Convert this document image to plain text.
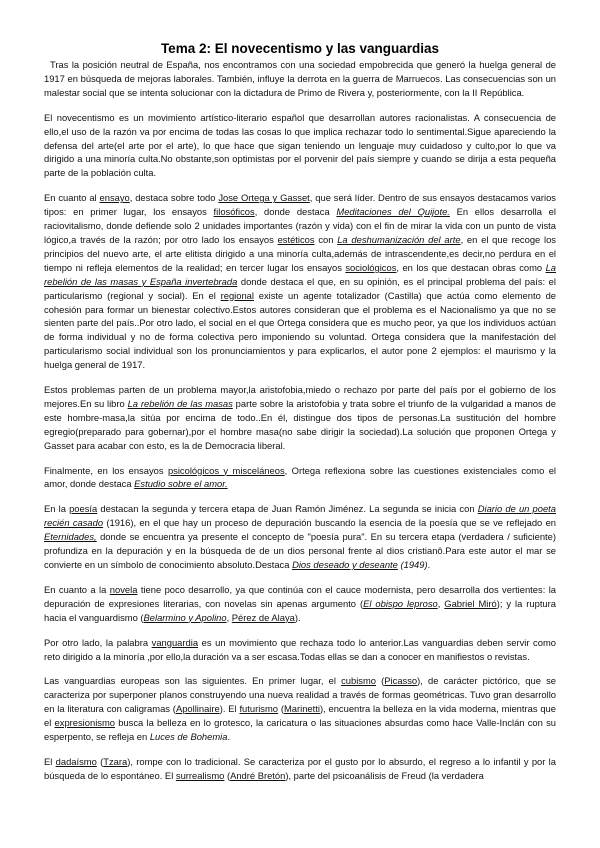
Tema 2: El novecentismo y las vanguardias

Tras la posición neutral de España, nos encontramos con una sociedad empobrecida que generó la huelga general de 1917 en búsqueda de mejoras laborales. También, influye la derrota en la guerra de Marruecos. Las consecuencias son un malestar social que se intenta solucionar con la dictadura de Primo de Rivera y, posteriormente, con la II República.

El novecentismo es un movimiento artístico-literario español que desarrollan autores racionalistas. A consecuencia de ello,el uso de la razón va por encima de todas las cosas lo que implica rechazar todo lo sentimental.Sigue apareciendo la defensa del arte(el arte por el arte), lo que hace que sigan teniendo un lenguaje muy cuidadoso y culto,por lo que va dirigido a una minoría culta.No obstante,son optimistas por el porvenir del país siempre y cuando se dirija a esta pequeña parte de la población culta.

En cuanto al ensayo, destaca sobre todo Jose Ortega y Gasset, que será líder. Dentro de sus ensayos destacamos varios tipos: en primer lugar, los ensayos filosóficos, donde destaca Meditaciones del Quijote. En ellos desarrolla el raciovitalismo, donde defiende solo 2 unidades importantes (razón y vida) con el fin de mirar la vida con un punto de vista lógico,a través de la razón; por otro lado los ensayos estéticos con La deshumanización del arte, en el que recoge los principios del nuevo arte, el arte elitista dirigido a una minoría culta,además de intrascendente,es decir,no perdura en el tiempo ni refleja elementos de la realidad; en tercer lugar los ensayos sociológicos, en los que destacan obras como La rebelión de las masas y España invertebrada donde destaca el que, en su opinión, es el principal problema del país: el particularismo (regional y social). En el regional existe un agente totalizador (Castilla) que actúa como elemento de cohesión para formar un bienestar colectivo.Estos autores consideran que el problema es el Nacionalismo ya que no se sienten parte del país..Por otro lado, el social en el que Ortega considera que es mucho peor, ya que los individuos actúan de forma individual y no de forma colectiva pero imponiendo su voluntad. Ortega considera que la manifestación del particularismo social individual son los pronunciamientos y para explicarlos, el autor pone 2 ejemplos: el maurismo y la huelga general de 1917.

Estos problemas parten de un problema mayor,la aristofobia,miedo o rechazo por parte del país por el gobierno de los mejores.En su libro La rebelión de las masas parte sobre la aristofobia y trata sobre el triunfo de la vulgaridad a manos de este hombre-masa,la sitúa por encima de todo..En él, distingue dos tipos de personas.La sustitución del hombre egregio(preparado para gobernar),por el hombre masa(no sabe dirigir la sociedad).La solución que proponen Ortega y Gasset para acabar con esto, es la de Democracia liberal.

Finalmente, en los ensayos psicológicos y misceláneos, Ortega reflexiona sobre las cuestiones existenciales como el amor, donde destaca Estudio sobre el amor.

En la poesía destacan la segunda y tercera etapa de Juan Ramón Jiménez. La segunda se inicia con Diario de un poeta recién casado (1916), en el que hay un proceso de depuración buscando la esencia de la poesía que se ve reflejado en Eternidades, donde se encuentra ya presente el concepto de "poesía pura". En su tercera etapa (verdadera / suficiente) profundiza en la depuración y en la búsqueda de de un dios personal frente al dios cristianô.Para este autor el mar se convierte en un símbolo de conocimiento absoluto.Destaca Dios deseado y deseante (1949).

En cuanto a la novela tiene poco desarrollo, ya que continúa con el cauce modernista, pero desarrolla dos vertientes: la depuración de expresiones literarias, con novelas sin apenas argumento (El obispo leproso, Gabriel Miró); y la ruptura hacia el vanguardismo (Belarmino y Apolino, Pérez de Alaya).

Por otro lado, la palabra vanguardia es un movimiento que rechaza todo lo anterior.Las vanguardias deben servir como reto dirigido a la minoría ,por ello,la duración va a ser escasa.Todas ellas se dan a conocer en manifiestos o revistas.

Las vanguardias europeas son las siguientes. En primer lugar, el cubismo (Picasso), de carácter pictórico, que se caracteriza por superponer planos construyendo una nueva realidad a través de formas geométricas. Tuvo gran desarrollo en la literatura con caligramas (Apollinaire). El futurismo (Marinetti), encuentra la belleza en la vida moderna, mientras que el expresionismo busca la belleza en lo grotesco, la caricatura o las situaciones absurdas como hace Valle-Inclán con su esperpento, se refleja en Luces de Bohemia.

El dadaísmo (Tzara), rompe con lo tradicional. Se caracteriza por el gusto por lo absurdo, el regreso a lo infantil y por la búsqueda de lo espontáneo. El surrealismo (André Bretón), parte del psicoanálisis de Freud (la verdadera
